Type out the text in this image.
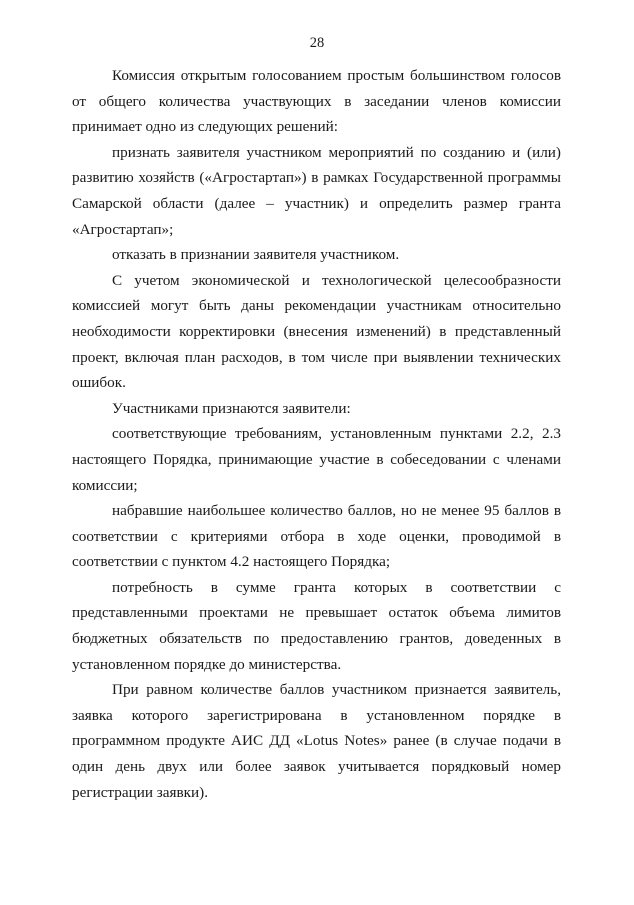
28

Комиссия открытым голосованием простым большинством голосов от общего количества участвующих в заседании членов комиссии принимает одно из следующих решений:

признать заявителя участником мероприятий по созданию и (или) развитию хозяйств («Агростартап») в рамках Государственной программы Самарской области (далее – участник) и определить размер гранта «Агростартап»;

отказать в признании заявителя участником.

С учетом экономической и технологической целесообразности комиссией могут быть даны рекомендации участникам относительно необходимости корректировки (внесения изменений) в представленный проект, включая план расходов, в том числе при выявлении технических ошибок.

Участниками признаются заявители:

соответствующие требованиям, установленным пунктами 2.2, 2.3 настоящего Порядка, принимающие участие в собеседовании с членами комиссии;

набравшие наибольшее количество баллов, но не менее 95 баллов в соответствии с критериями отбора в ходе оценки, проводимой в соответствии с пунктом 4.2 настоящего Порядка;

потребность в сумме гранта которых в соответствии с представленными проектами не превышает остаток объема лимитов бюджетных обязательств по предоставлению грантов, доведенных в установленном порядке до министерства.

При равном количестве баллов участником признается заявитель, заявка которого зарегистрирована в установленном порядке в программном продукте АИС ДД «Lotus Notes» ранее (в случае подачи в один день двух или более заявок учитывается порядковый номер регистрации заявки).
